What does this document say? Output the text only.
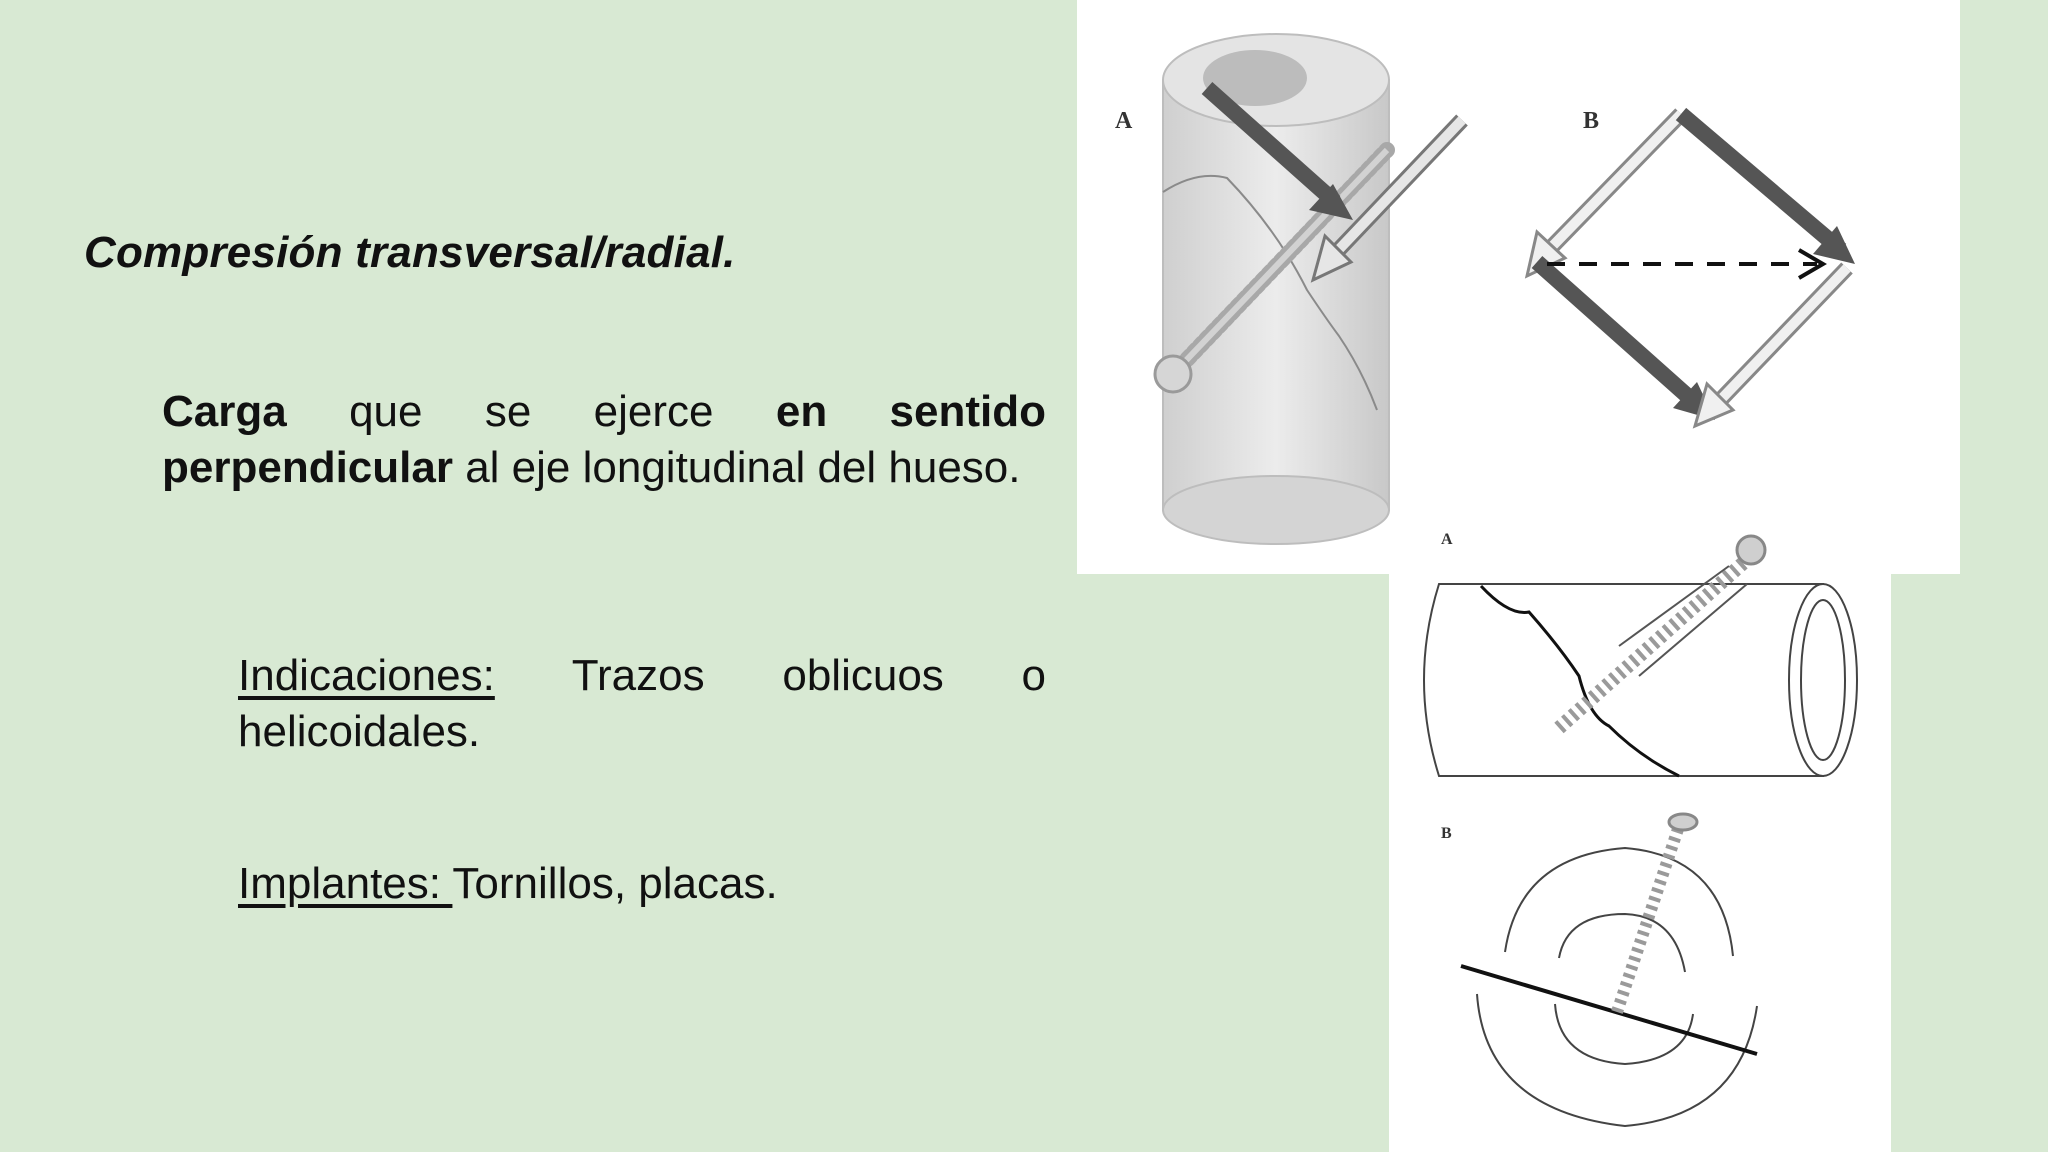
Compresión transversal/radial.
Carga que se ejerce en sentido perpendicular al eje longitudinal del hueso.
Indicaciones: Trazos oblicuos o helicoidales.
Implantes: Tornillos, placas.
A	B
A
B
